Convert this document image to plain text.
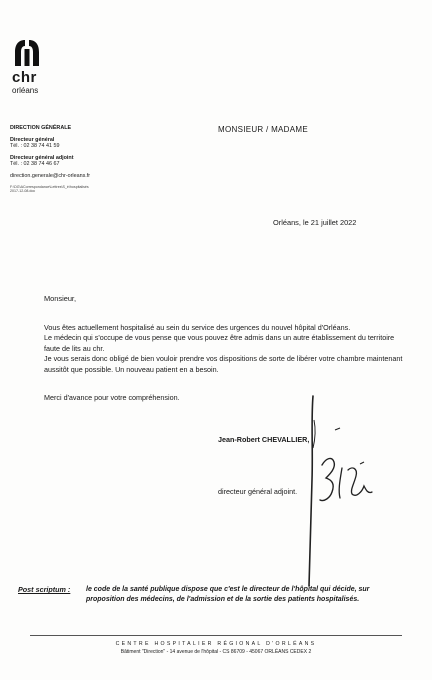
chr
orléans
DIRECTION GÉNÉRALE
Directeur général
Tél. : 02 38 74 41 59
Directeur général adjoint
Tél. : 02 38 74 46 67
direction.generale@chr-orleans.fr
F:\DG\ACorrespondance\Lettres\S_è\hospitalisés
2017-12-08.doc
MONSIEUR / MADAME
Orléans, le 21 juillet 2022
Monsieur,

Vous êtes actuellement hospitalisé au sein du service des urgences du nouvel hôpital d'Orléans.

Le médecin qui s'occupe de vous pense que vous pouvez être admis dans un autre établissement du territoire faute de lits au chr.

Je vous serais donc obligé de bien vouloir prendre vos dispositions de sorte de libérer votre chambre maintenant aussitôt que possible. Un nouveau patient en a besoin.

Merci d'avance pour votre compréhension.
Jean-Robert CHEVALLIER,
directeur général adjoint.
Post scriptum : le code de la santé publique dispose que c'est le directeur de l'hôpital qui décide, sur proposition des médecins, de l'admission et de la sortie des patients hospitalisés.
CENTRE HOSPITALIER RÉGIONAL D'ORLÉANS
Bâtiment "Direction" - 14 avenue de l'hôpital - CS 86709 - 45067 ORLÉANS CEDEX 2
